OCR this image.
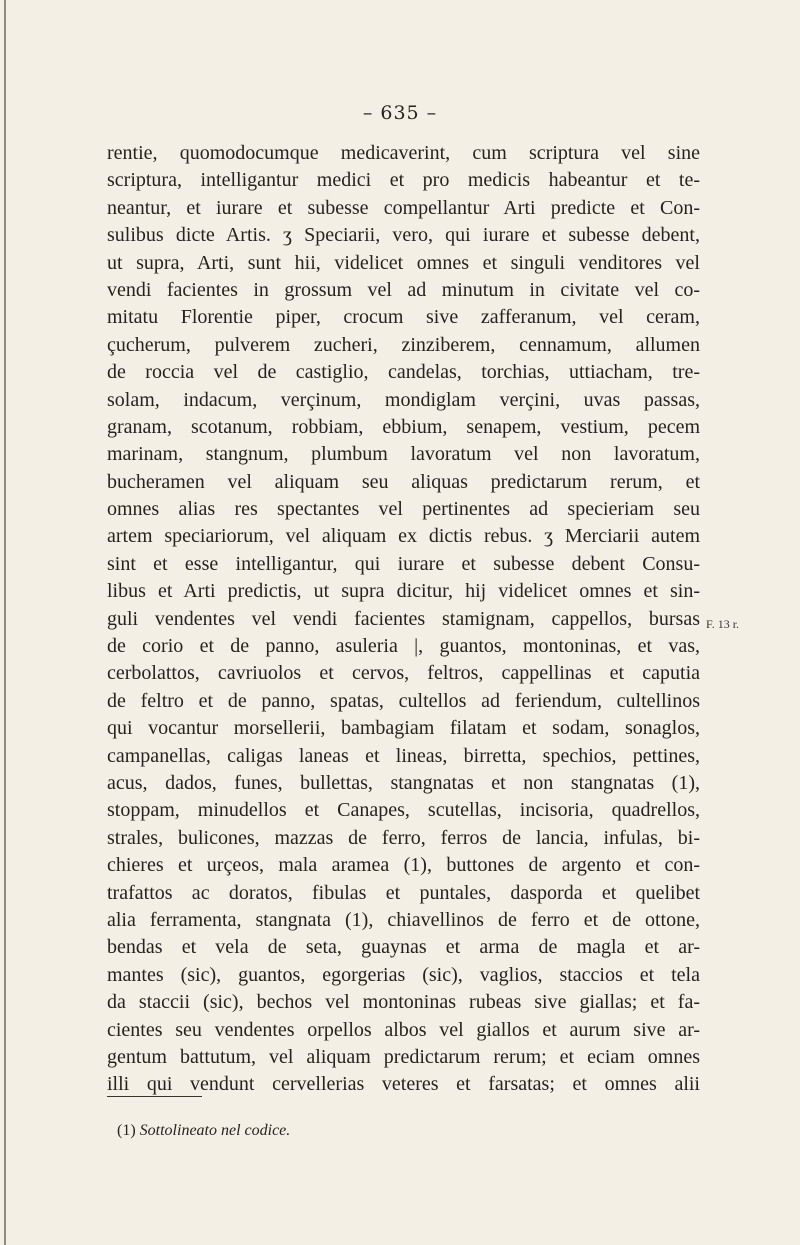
– 635 –
rentie, quomodocumque medicaverint, cum scriptura vel sine
scriptura, intelligantur medici et pro medicis habeantur et te-
neantur, et iurare et subesse compellantur Arti predicte et Con-
sulibus dicte Artis. ʒ Speciarii, vero, qui iurare et subesse debent,
ut supra, Arti, sunt hii, videlicet omnes et singuli venditores vel
vendi facientes in grossum vel ad minutum in civitate vel co-
mitatu Florentie piper, crocum sive zafferanum, vel ceram,
çucherum, pulverem zucheri, zinziberem, cennamum, allumen
de roccia vel de castiglio, candelas, torchias, uttiacham, tre-
solam, indacum, verçinum, mondiglam verçini, uvas passas,
granam, scotanum, robbiam, ebbium, senapem, vestium, pecem
marinam, stangnum, plumbum lavoratum vel non lavoratum,
bucheramen vel aliquam seu aliquas predictarum rerum, et
omnes alias res spectantes vel pertinentes ad specieriam seu
artem speciariorum, vel aliquam ex dictis rebus. ʒ Merciarii autem
sint et esse intelligantur, qui iurare et subesse debent Consu-
libus et Arti predictis, ut supra dicitur, hij videlicet omnes et sin-
guli vendentes vel vendi facientes stamignam, cappellos, bursas
de corio et de panno, asuleria |, guantos, montoninas, et vas,
cerbolattos, cavriuolos et cervos, feltros, cappellinas et caputia
de feltro et de panno, spatas, cultellos ad feriendum, cultellinos
qui vocantur morsellerii, bambagiam filatam et sodam, sonaglos,
campanellas, caligas laneas et lineas, birretta, spechios, pettines,
acus, dados, funes, bullettas, stangnatas et non stangnatas (1),
stoppam, minudellos et Canapes, scutellas, incisoria, quadrellos,
strales, bulicones, mazzas de ferro, ferros de lancia, infulas, bi-
chieres et urçeos, mala aramea (1), buttones de argento et con-
trafattos ac doratos, fibulas et puntales, dasporda et quelibet
alia ferramenta, stangnata (1), chiavellinos de ferro et de ottone,
bendas et vela de seta, guaynas et arma de magla et ar-
mantes (sic), guantos, egorgerias (sic), vaglios, staccios et tela
da staccii (sic), bechos vel montoninas rubeas sive giallas; et fa-
cientes seu vendentes orpellos albos vel giallos et aurum sive ar-
gentum battutum, vel aliquam predictarum rerum; et eciam omnes
illi qui vendunt cervellerias veteres et farsatas; et omnes alii
F. 13 r.
(1) Sottolineato nel codice.
